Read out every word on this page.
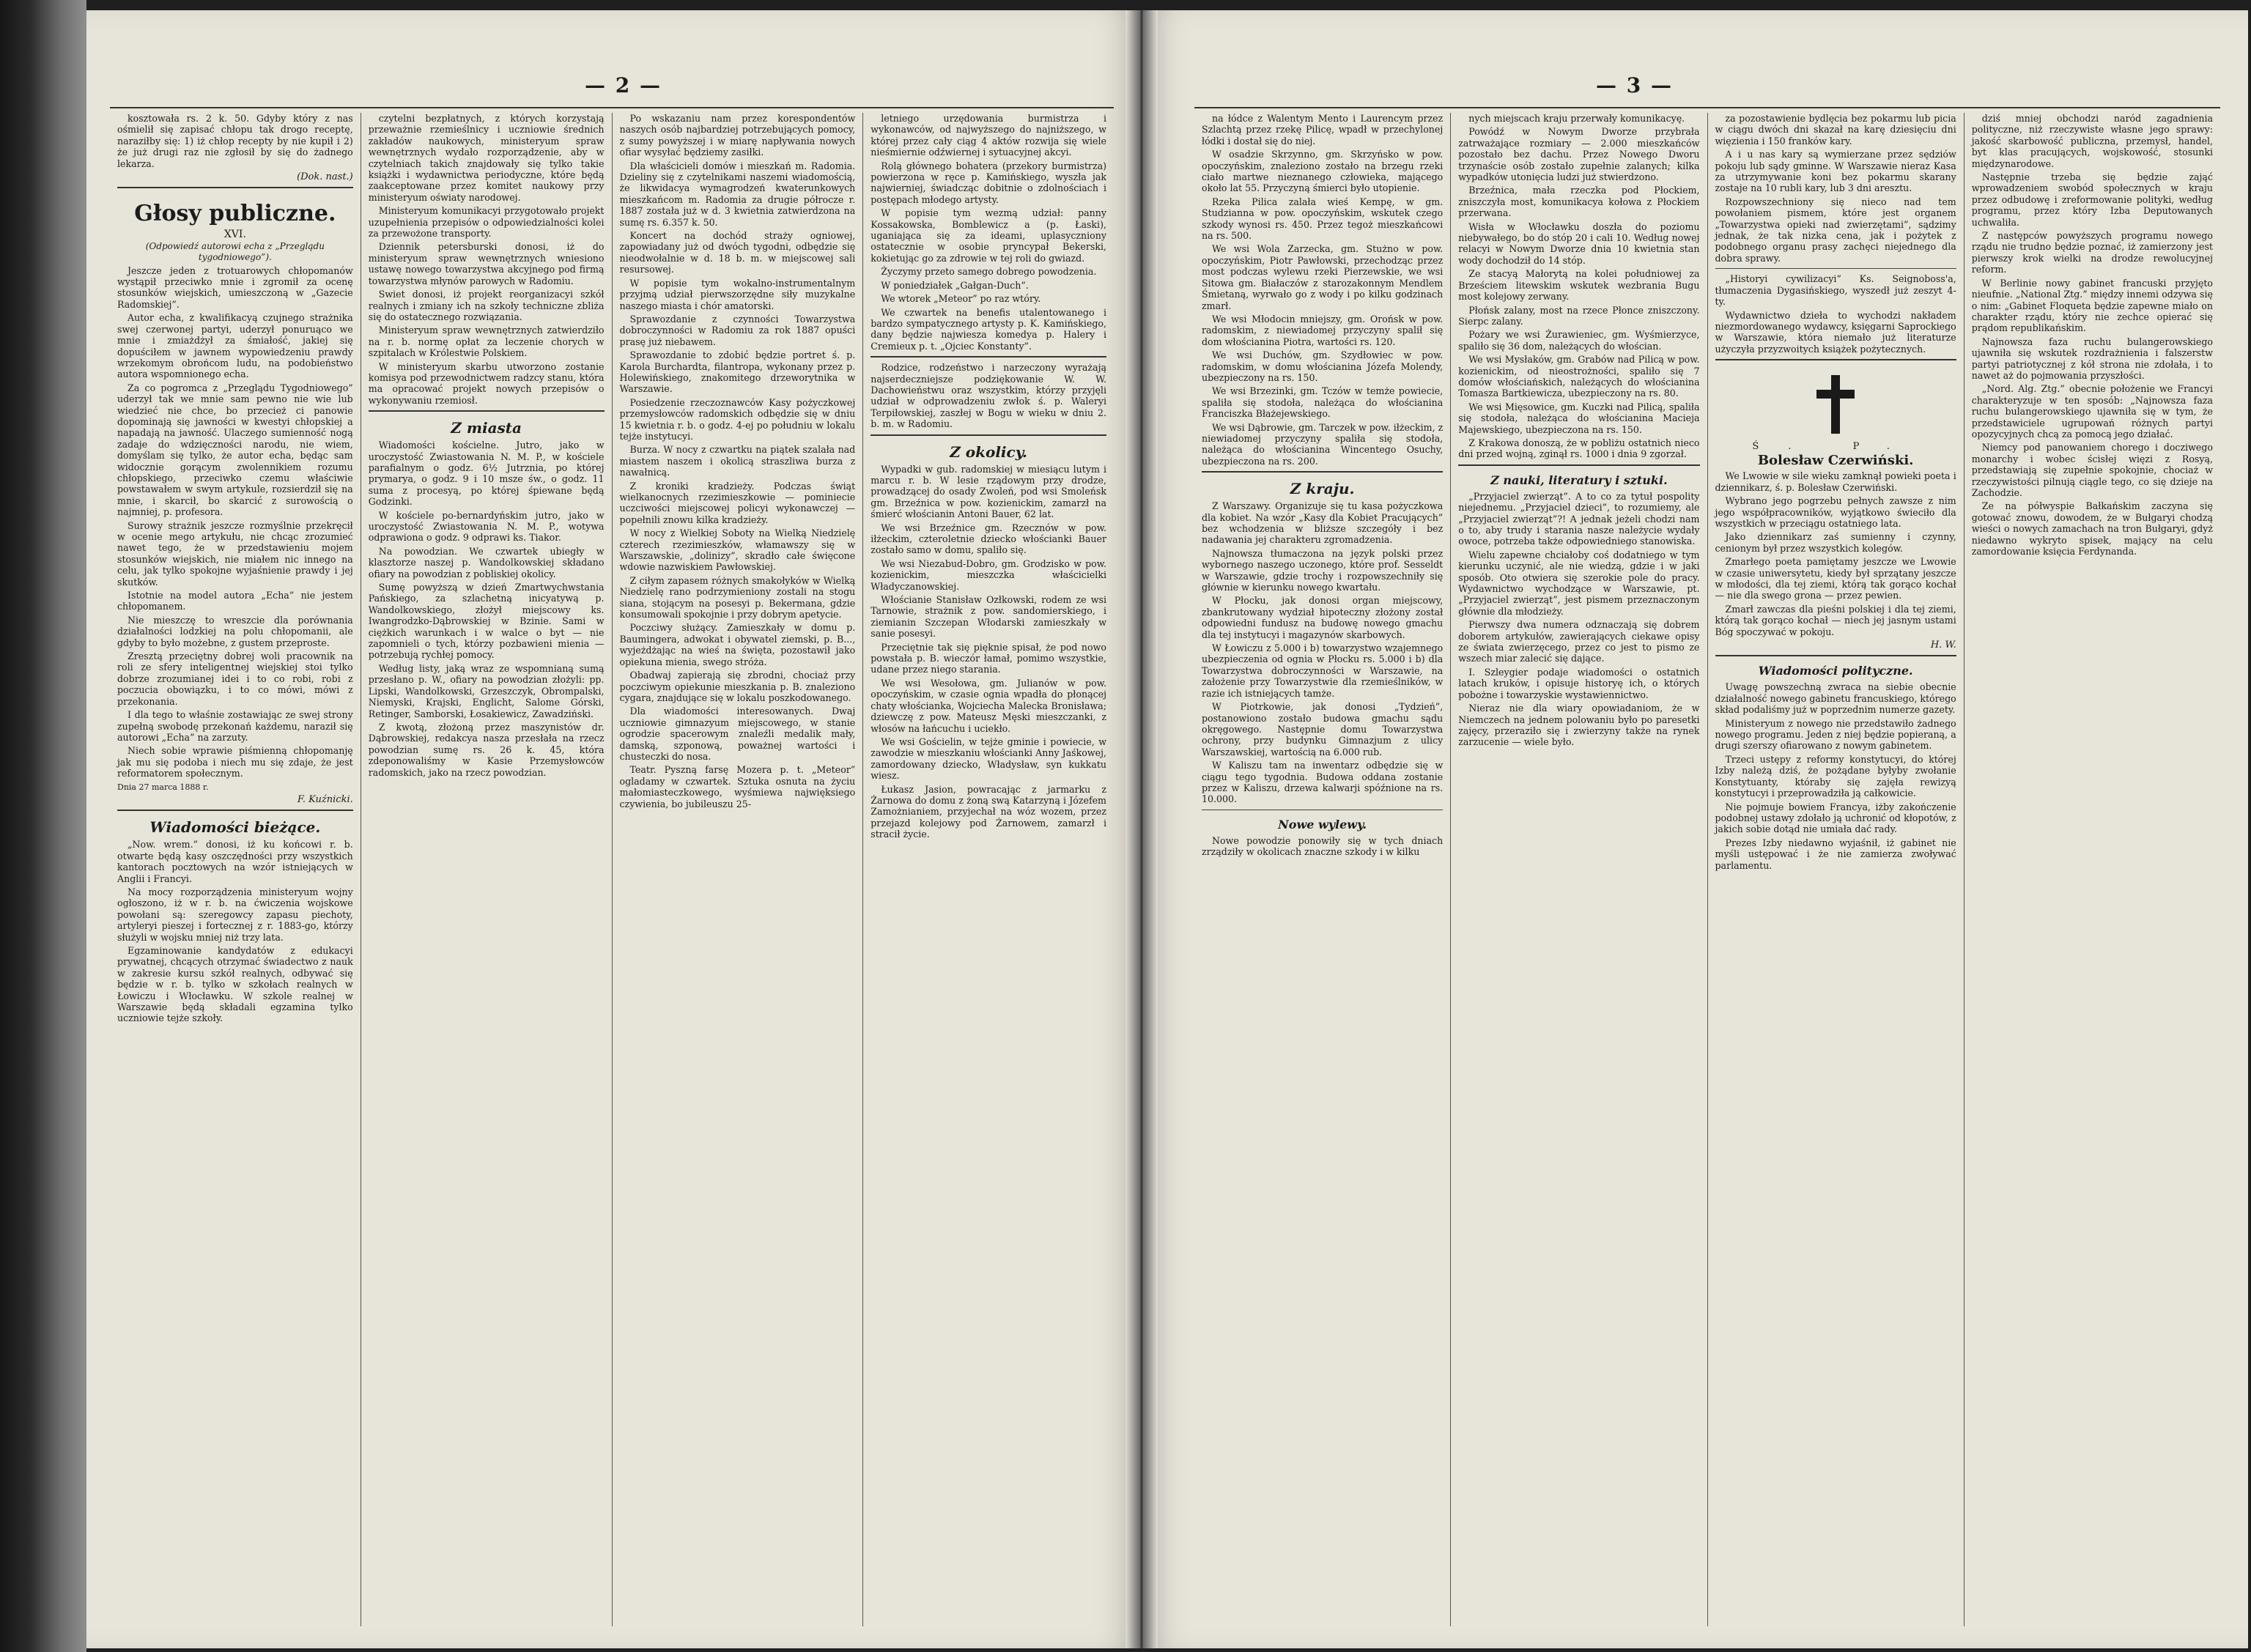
— 2 —

kosztowała rs. 2 k. 50. Gdyby który z nas ośmielił się zapisać chłopu tak drogo receptę, naraziłby się: 1) iż chłop recepty by nie kupił i 2) że już drugi raz nie zgłosił by się do żadnego lekarza.

(Dok. nast.)

Głosy publiczne.

XVI.

(Odpowiedź autorowi echa z „Przeglądu tygodniowego”).

Jeszcze jeden z trotuarowych chłopomanów wystąpił przeciwko mnie i zgromił za ocenę stosunków wiejskich, umieszczoną w „Gazecie Radomskiej”.

Autor echa, z kwalifikacyą czujnego strażnika swej czerwonej partyi, uderzył ponuruąco we mnie i zmiażdżył za śmiałość, jakiej się dopuściłem w jawnem wypowiedzeniu prawdy wrzekomym obrońcom ludu, na podobieństwo autora wspomnionego echa.

Za co pogromca z „Przeglądu Tygodniowego” uderzył tak we mnie sam pewno nie wie lub wiedzieć nie chce, bo przecież ci panowie dopominają się jawności w kwestyi chłopskiej a napadają na jawność. Ulaczego sumienność nogą zadaje do wdzięczności narodu, nie wiem, domyślam się tylko, że autor echa, będąc sam widocznie gorącym zwolennikiem rozumu chłopskiego, przeciwko czemu właściwie powstawałem w swym artykule, rozsierdził się na mnie, i skarcił, bo skarcić z surowością o najmniej, p. profesora.

Surowy strażnik jeszcze rozmyślnie przekręcił w ocenie mego artykułu, nie chcąc zrozumieć nawet tego, że w przedstawieniu mojem stosunków wiejskich, nie miałem nic innego na celu, jak tylko spokojne wyjaśnienie prawdy i jej skutków.

Istotnie na model autora „Echa” nie jestem chłopomanem.

Nie mieszczę to wreszcie dla porównania działalności lodzkiej na polu chłopomanii, ale gdyby to było możebne, z gustem przeproste.

Zresztą przeciętny dobrej woli pracownik na roli ze sfery inteligentnej wiejskiej stoi tylko dobrze zrozumianej idei i to co robi, robi z poczucia obowiązku, i to co mówi, mówi z przekonania.

I dla tego to właśnie zostawiając ze swej strony zupełną swobodę przekonań każdemu, naraził się autorowi „Echa” na zarzuty.

Niech sobie wprawie piśmienną chłopomanję jak mu się podoba i niech mu się zdaje, że jest reformatorem społecznym.

Dnia 27 marca 1888 r.

F. Kuźnicki.

Wiadomości bieżące.

„Now. wrem.” donosi, iż ku końcowi r. b. otwarte będą kasy oszczędności przy wszystkich kantorach pocztowych na wzór istniejących w Anglii i Francyi.

Na mocy rozporządzenia ministeryum wojny ogłoszono, iż w r. b. na ćwiczenia wojskowe powołani są: szeregowcy zapasu piechoty, artyleryi pieszej i fortecznej z r. 1883-go, którzy służyli w wojsku mniej niż trzy lata.

Egzaminowanie kandydatów z edukacyi prywatnej, chcących otrzymać świadectwo z nauk w zakresie kursu szkół realnych, odbywać się będzie w r. b. tylko w szkołach realnych w Łowiczu i Włocławku. W szkole realnej w Warszawie będą składali egzamina tylko uczniowie tejże szkoły.

czytelni bezpłatnych, z których korzystają przeważnie rzemieślnicy i uczniowie średnich zakładów naukowych, ministeryum spraw wewnętrznych wydało rozporządzenie, aby w czytelniach takich znajdowały się tylko takie książki i wydawnictwa periodyczne, które będą zaakceptowane przez komitet naukowy przy ministeryum oświaty narodowej.

Ministeryum komunikacyi przygotowało projekt uzupełnienia przepisów o odpowiedzialności kolei za przewożone transporty.

Dziennik petersburski donosi, iż do ministeryum spraw wewnętrznych wniesiono ustawę nowego towarzystwa akcyjnego pod firmą towarzystwa młynów parowych w Radomiu.

Swiet donosi, iż projekt reorganizacyi szkół realnych i zmiany ich na szkoły techniczne zbliża się do ostatecznego rozwiązania.

Ministeryum spraw wewnętrznych zatwierdziło na r. b. normę opłat za leczenie chorych w szpitalach w Królestwie Polskiem.

W ministeryum skarbu utworzono zostanie komisya pod przewodnictwem radzcy stanu, która ma opracować projekt nowych przepisów o wykonywaniu rzemiosł.

Z miasta

Wiadomości kościelne. Jutro, jako w uroczystość Zwiastowania N. M. P., w kościele parafialnym o godz. 6½ Jutrznia, po której prymarya, o godz. 9 i 10 msze św., o godz. 11 suma z procesyą, po której śpiewane będą Godzinki.

W kościele po-bernardyńskim jutro, jako w uroczystość Zwiastowania N. M. P., wotywa odprawiona o godz. 9 odprawi ks. Tiakor.

Na powodzian. We czwartek ubiegły w klasztorze naszej p. Wandolkowskiej składano ofiary na powodzian z pobliskiej okolicy.

Sumę powyższą w dzień Zmartwychwstania Pańskiego, za szlachetną inicyatywą p. Wandolkowskiego, złożył miejscowy ks. Iwangrodzko-Dąbrowskiej w Bzinie. Sami w ciężkich warunkach i w walce o byt — nie zapomnieli o tych, którzy pozbawieni mienia — potrzebują rychłej pomocy.

Według listy, jaką wraz ze wspomnianą sumą przesłano p. W., ofiary na powodzian złożyli: pp. Lipski, Wandolkowski, Grzeszczyk, Obrompalski, Niemyski, Krajski, Englicht, Salome Górski, Retinger, Samborski, Łosakiewicz, Zawadziński.

Z kwotą, złożoną przez maszynistów dr. Dąbrowskiej, redakcya nasza przesłała na rzecz powodzian sumę rs. 26 k. 45, która zdeponowaliśmy w Kasie Przemysłowców radomskich, jako na rzecz powodzian.

Po wskazaniu nam przez korespondentów naszych osób najbardziej potrzebujących pomocy, z sumy powyższej i w miarę napływania nowych ofiar wysyłać będziemy zasiłki.

Dla właścicieli domów i mieszkań m. Radomia. Dzieliny się z czytelnikami naszemi wiadomością, że likwidacya wymagrodzeń kwaterunkowych mieszkańcom m. Radomia za drugie półrocze r. 1887 została już w d. 3 kwietnia zatwierdzona na sumę rs. 6.357 k. 50.

Koncert na dochód straży ogniowej, zapowiadany już od dwóch tygodni, odbędzie się nieodwołalnie w d. 18 b. m. w miejscowej sali resursowej.

W popisie tym wokalno-instrumentalnym przyjmą udział pierwszorzędne siły muzykalne naszego miasta i chór amatorski.

Sprawozdanie z czynności Towarzystwa dobroczynności w Radomiu za rok 1887 opuści prasę już niebawem.

Sprawozdanie to zdobić będzie portret ś. p. Karola Burchardta, filantropa, wykonany przez p. Holewińskiego, znakomitego drzeworytnika w Warszawie.

Posiedzenie rzeczoznawców Kasy pożyczkowej przemysłowców radomskich odbędzie się w dniu 15 kwietnia r. b. o godz. 4-ej po południu w lokalu tejże instytucyi.

Burza. W nocy z czwartku na piątek szalała nad miastem naszem i okolicą straszliwa burza z nawałnicą.

Z kroniki kradzieży. Podczas świąt wielkanocnych rzezimieszkowie — pominiecie uczciwości miejscowej policyi wykonawczej — popełnili znowu kilka kradzieży.

W nocy z Wielkiej Soboty na Wielką Niedzielę czterech rzezimieszków, włamawszy się w Warszawskie, „dolinizy”, skradło całe święcone wdowie nazwiskiem Pawłowskiej.

Z ciłym zapasem różnych smakołyków w Wielką Niedzielę rano podrzymieniony zostali na stogu siana, stojącym na posesyi p. Bekermana, gdzie konsumowali spokojnie i przy dobrym apetycie.

Poczciwy służący. Zamieszkały w domu p. Baumingera, adwokat i obywatel ziemski, p. B..., wyjeżdżając na wieś na święta, pozostawił jako opiekuna mienia, swego stróża.

Obadwaj zapierają się zbrodni, chociaż przy poczciwym opiekunie mieszkania p. B. znaleziono cygara, znajdujące się w lokalu poszkodowanego.

Dla wiadomości interesowanych. Dwaj uczniowie gimnazyum miejscowego, w stanie ogrodzie spacerowym znaleźli medalik mały, damską, szponową, poważnej wartości i chusteczki do nosa.

Teatr. Pyszną farsę Mozera p. t. „Meteor” ogladamy w czwartek. Sztuka osnuta na życiu małomiasteczkowego, wyśmiewa najwięksiego czywienia, bo jubileuszu 25-

letniego urzędowania burmistrza i wykonawców, od najwyższego do najniższego, w której przez cały ciąg 4 aktów rozwija się wiele nieśmiernie odźwiernej i sytuacyjnej akcyi.

Rolą głównego bohatera (przekory burmistrza) powierzona w ręce p. Kamińskiego, wyszła jak najwierniej, świadcząc dobitnie o zdolnościach i postępach młodego artysty.

W popisie tym wezmą udział: panny Kossakowska, Bomblewicz a (p. Łaski), uganiająca się za ideami, uplasyczniony ostatecznie w osobie pryncypał Bekerski, kokietując go za zdrowie w tej roli do gwiazd.

Życzymy przeto samego dobrego powodzenia.

W poniedziałek „Gałgan-Duch”.

We wtorek „Meteor” po raz wtóry.

We czwartek na benefis utalentowanego i bardzo sympatycznego artysty p. K. Kamińskiego, dany będzie najwiesza komedya p. Halery i Cremieux p. t. „Ojciec Konstanty”.

Rodzice, rodzeństwo i narzeczony wyrażają najserdeczniejsze podziękowanie W. W. Dachowieństwu oraz wszystkim, którzy przyjęli udział w odprowadzeniu zwłok ś. p. Waleryi Terpiłowskiej, zaszłej w Bogu w wieku w dniu 2. b. m. w Radomiu.

Z okolicy.

Wypadki w gub. radomskiej w miesiącu lutym i marcu r. b. W lesie rządowym przy drodze, prowadzącej do osady Zwoleń, pod wsi Smoleńsk gm. Brzeźnica w pow. kozienickim, zamarzł na śmierć włościanin Antoni Bauer, 62 lat.

We wsi Brzeźnice gm. Rzecznów w pow. iłżeckim, czteroletnie dziecko włościanki Bauer zostało samo w domu, spaliło się.

We wsi Niezabud-Dobro, gm. Grodzisko w pow. kozienickim, mieszczka właścicielki Władyczanowskiej.

Włościanie Stanisław Ozłkowski, rodem ze wsi Tarnowie, strażnik z pow. sandomierskiego, i ziemianin Szczepan Włodarski zamieszkały w sanie posesyi.

Przeciętnie tak się pięknie spisał, że pod nowo powstała p. B. wieczór łamał, pomimo wszystkie, udane przez niego starania.

We wsi Wesołowa, gm. Julianów w pow. opoczyńskim, w czasie ognia wpadła do płonącej chaty włościanka, Wojciecha Malecka Bronisława; dziewczę z pow. Mateusz Męski mieszczanki, z włosów na łańcuchu i uciekło.

We wsi Gościelin, w tejże gminie i powiecie, w zawodzie w mieszkaniu włościanki Anny Jaśkowej, zamordowany dziecko, Władysław, syn kukkatu wiesz.

Łukasz Jasion, powracając z jarmarku z Żarnowa do domu z żoną swą Katarzyną i Józefem Zamożnianiem, przyjechał na wóz wozem, przez przejazd kolejowy pod Żarnowem, zamarzł i stracił życie.

— 3 —

na łódce z Walentym Mento i Laurencym przez Szlachtą przez rzekę Pilicę, wpadł w przechylonej łódki i dostał się do niej.

W osadzie Skrzynno, gm. Skrzyńsko w pow. opoczyńskim, znaleziono zostało na brzegu rzeki ciało martwe nieznanego człowieka, mającego około lat 55. Przyczyną śmierci było utopienie.

Rzeka Pilica zalała wieś Kempę, w gm. Studzianna w pow. opoczyńskim, wskutek czego szkody wynosi rs. 450. Przez tegoż mieszkańcowi na rs. 500.

We wsi Wola Zarzecka, gm. Stużno w pow. opoczyńskim, Piotr Pawłowski, przechodząc przez most podczas wylewu rzeki Pierzewskie, we wsi Sitowa gm. Białaczów z starozakonnym Mendlem Śmietaną, wyrwało go z wody i po kilku godzinach zmarł.

We wsi Młodocin mniejszy, gm. Orońsk w pow. radomskim, z niewiadomej przyczyny spalił się dom włościanina Piotra, wartości rs. 120.

We wsi Duchów, gm. Szydłowiec w pow. radomskim, w domu włościanina Józefa Molendy, ubezpieczony na rs. 150.

We wsi Brzezinki, gm. Tczów w temże powiecie, spaliła się stodoła, należąca do włościanina Franciszka Błażejewskiego.

We wsi Dąbrowie, gm. Tarczek w pow. iłżeckim, z niewiadomej przyczyny spaliła się stodoła, należąca do włościanina Wincentego Osuchy, ubezpieczona na rs. 200.

Z kraju.

Z Warszawy. Organizuje się tu kasa pożyczkowa dla kobiet. Na wzór „Kasy dla Kobiet Pracujących” bez wchodzenia w bliższe szczegóły i bez nadawania jej charakteru zgromadzenia.

Najnowsza tłumaczona na język polski przez wybornego naszego uczonego, które prof. Sesseldt w Warszawie, gdzie trochy i rozpowszechniły się głównie w kierunku nowego kwartału.

W Płocku, jak donosi organ miejscowy, zbankrutowany wydział hipoteczny złożony został odpowiedni fundusz na budowę nowego gmachu dla tej instytucyi i magazynów skarbowych.

W Łowiczu z 5.000 i b) towarzystwo wzajemnego ubezpieczenia od ognia w Płocku rs. 5.000 i b) dla Towarzystwa dobroczynności w Warszawie, na założenie przy Towarzystwie dla rzemieślników, w razie ich istniejących tamże.

W Piotrkowie, jak donosi „Tydzień”, postanowiono zostało budowa gmachu sądu okręgowego. Następnie domu Towarzystwa ochrony, przy budynku Gimnazjum z ulicy Warszawskiej, wartością na 6.000 rub.

W Kaliszu tam na inwentarz odbędzie się w ciągu tego tygodnia. Budowa oddana zostanie przez w Kaliszu, drzewa kalwarji spóźnione na rs. 10.000.

Nowe wylewy.

Nowe powodzie ponowiły się w tych dniach zrządziły w okolicach znaczne szkody i w kilku

nych miejscach kraju przerwały komunikacyę.

Powódź w Nowym Dworze przybrała zatrważające rozmiary — 2.000 mieszkańców pozostało bez dachu. Przez Nowego Dworu trzynaście osób zostało zupełnie zalanych; kilka wypadków utonięcia ludzi już stwierdzono.

Brzeźnica, mała rzeczka pod Płockiem, zniszczyła most, komunikacya kołowa z Płockiem przerwana.

Wisła w Włocławku doszła do poziomu niebywałego, bo do stóp 20 i cali 10. Według nowej relacyi w Nowym Dworze dnia 10 kwietnia stan wody dochodził do 14 stóp.

Ze stacyą Małorytą na kolei południowej za Brześciem litewskim wskutek wezbrania Bugu most kolejowy zerwany.

Płońsk zalany, most na rzece Płonce zniszczony. Sierpc zalany.

Pożary we wsi Żurawieniec, gm. Wyśmierzyce, spaliło się 36 dom, należących do włościan.

We wsi Mysłaków, gm. Grabów nad Pilicą w pow. kozienickim, od nieostrożności, spaliło się 7 domów włościańskich, należących do włościanina Tomasza Bartkiewicza, ubezpieczony na rs. 80.

We wsi Mięsowice, gm. Kuczki nad Pilicą, spaliła się stodoła, należąca do włościanina Macieja Majewskiego, ubezpieczona na rs. 150.

Z Krakowa donoszą, że w pobliżu ostatnich nieco dni przed wojną, zginął rs. 1000 i dnia 9 zgorzał.

Z nauki, literatury i sztuki.

„Przyjaciel zwierząt”. A to co za tytuł pospolity niejednemu. „Przyjaciel dzieci”, to rozumiemy, ale „Przyjaciel zwierząt”?! A jednak jeżeli chodzi nam o to, aby trudy i starania nasze należycie wydały owoce, potrzeba także odpowiedniego stanowiska.

Wielu zapewne chciałoby coś dodatniego w tym kierunku uczynić, ale nie wiedzą, gdzie i w jaki sposób. Oto otwiera się szerokie pole do pracy. Wydawnictwo wychodzące w Warszawie, pt. „Przyjaciel zwierząt”, jest pismem przeznaczonym głównie dla młodzieży.

Pierwszy dwa numera odznaczają się dobrem doborem artykułów, zawierających ciekawe opisy ze świata zwierzęcego, przez co jest to pismo ze wszech miar zalecić się dające.

I. Szleygier podaje wiadomości o ostatnich latach kruków, i opisuje historyę ich, o których pobożne i towarzyskie wystawiennictwo.

Nieraz nie dla wiary opowiadaniom, że w Niemczech na jednem polowaniu było po paresetki zajęcy, przeraziło się i zwierzyny także na rynek zarzucenie — wiele było.

za pozostawienie bydlęcia bez pokarmu lub picia w ciągu dwóch dni skazał na karę dziesięciu dni więzienia i 150 franków kary.

A i u nas kary są wymierzane przez sędziów pokoju lub sądy gminne. W Warszawie nieraz Kasa za utrzymywanie koni bez pokarmu skarany zostaje na 10 rubli kary, lub 3 dni aresztu.

Rozpowszechniony się nieco nad tem powołaniem pismem, które jest organem „Towarzystwa opieki nad zwierzętami”, sądzimy jednak, że tak nizka cena, jak i pożytek z podobnego organu prasy zachęci niejednego dla dobra sprawy.

„Historyi cywilizacyi” Ks. Seignoboss'a, tłumaczenia Dygasińskiego, wyszedł już zeszyt 4-ty.

Wydawnictwo dzieła to wychodzi nakładem niezmordowanego wydawcy, księgarni Saprockiego w Warszawie, która niemało już literaturze użyczyła przyzwoitych książek pożytecznych.

Ś. P.

Bolesław Czerwiński.

We Lwowie w sile wieku zamknął powieki poeta i dziennikarz, ś. p. Bolesław Czerwiński.

Wybrano jego pogrzebu pełnych zawsze z nim jego współpracowników, wyjątkowo świeciło dla wszystkich w przeciągu ostatniego lata.

Jako dziennikarz zaś sumienny i czynny, cenionym był przez wszystkich kolegów.

Zmarłego poeta pamiętamy jeszcze we Lwowie w czasie uniwersytetu, kiedy był sprzątany jeszcze w młodości, dla tej ziemi, którą tak gorąco kochał — nie dla swego grona — przez pewien.

Zmarł zawczas dla pieśni polskiej i dla tej ziemi, którą tak gorąco kochał — niech jej jasnym ustami Bóg spoczywać w pokoju.

H. W.

Wiadomości polityczne.

Uwagę powszechną zwraca na siebie obecnie działalność nowego gabinetu francuskiego, którego skład podaliśmy już w poprzednim numerze gazety.

Ministeryum z nowego nie przedstawiło żadnego nowego programu. Jeden z niej będzie popieraną, a drugi szerszy ofiarowano z nowym gabinetem.

Trzeci ustępy z reformy konstytucyi, do której Izby należą dziś, że pożądane byłyby zwołanie Konstytuanty, któraby się zajęła rewizyą konstytucyi i przeprowadziła ją całkowicie.

Nie pojmuje bowiem Francya, iżby zakończenie podobnej ustawy zdołało ją uchronić od kłopotów, z jakich sobie dotąd nie umiała dać rady.

Prezes Izby niedawno wyjaśnił, iż gabinet nie myśli ustępować i że nie zamierza zwoływać parlamentu.

dziś mniej obchodzi naród zagadnienia polityczne, niż rzeczywiste własne jego sprawy: jakość skarbowość publiczna, przemysł, handel, byt klas pracujących, wojskowość, stosunki międzynarodowe.

Następnie trzeba się będzie zająć wprowadzeniem swobód społecznych w kraju przez odbudowę i zreformowanie polityki, według programu, przez który Izba Deputowanych uchwaliła.

Z następców powyższych programu nowego rządu nie trudno będzie poznać, iż zamierzony jest pierwszy krok wielki na drodze rewolucyjnej reform.

W Berlinie nowy gabinet francuski przyjęto nieufnie. „National Ztg.” między innemi odzywa się o nim: „Gabinet Floqueta będzie zapewne miało on charakter rządu, który nie zechce opierać się prądom republikańskim.

Najnowsza faza ruchu bulangerowskiego ujawniła się wskutek rozdrażnienia i falszerstw partyi patriotycznej z kół strona nie zdołała, i to nawet aż do pojmowania przyszłości.

„Nord. Alg. Ztg.” obecnie położenie we Francyi charakteryzuje w ten sposób: „Najnowsza faza ruchu bulangerowskiego ujawniła się w tym, że przedstawiciele ugrupowań różnych partyi opozycyjnych chcą za pomocą jego działać.

Niemcy pod panowaniem chorego i docziwego monarchy i wobec ścisłej więzi z Rosyą, przedstawiają się zupełnie spokojnie, chociaż w rzeczywistości pilnują ciągle tego, co się dzieje na Zachodzie.

Ze na półwyspie Bałkańskim zaczyna się gotować znowu, dowodem, że w Bułgaryi chodzą wieści o nowych zamachach na tron Bułgaryi, gdyż niedawno wykryto spisek, mający na celu zamordowanie księcia Ferdynanda.
